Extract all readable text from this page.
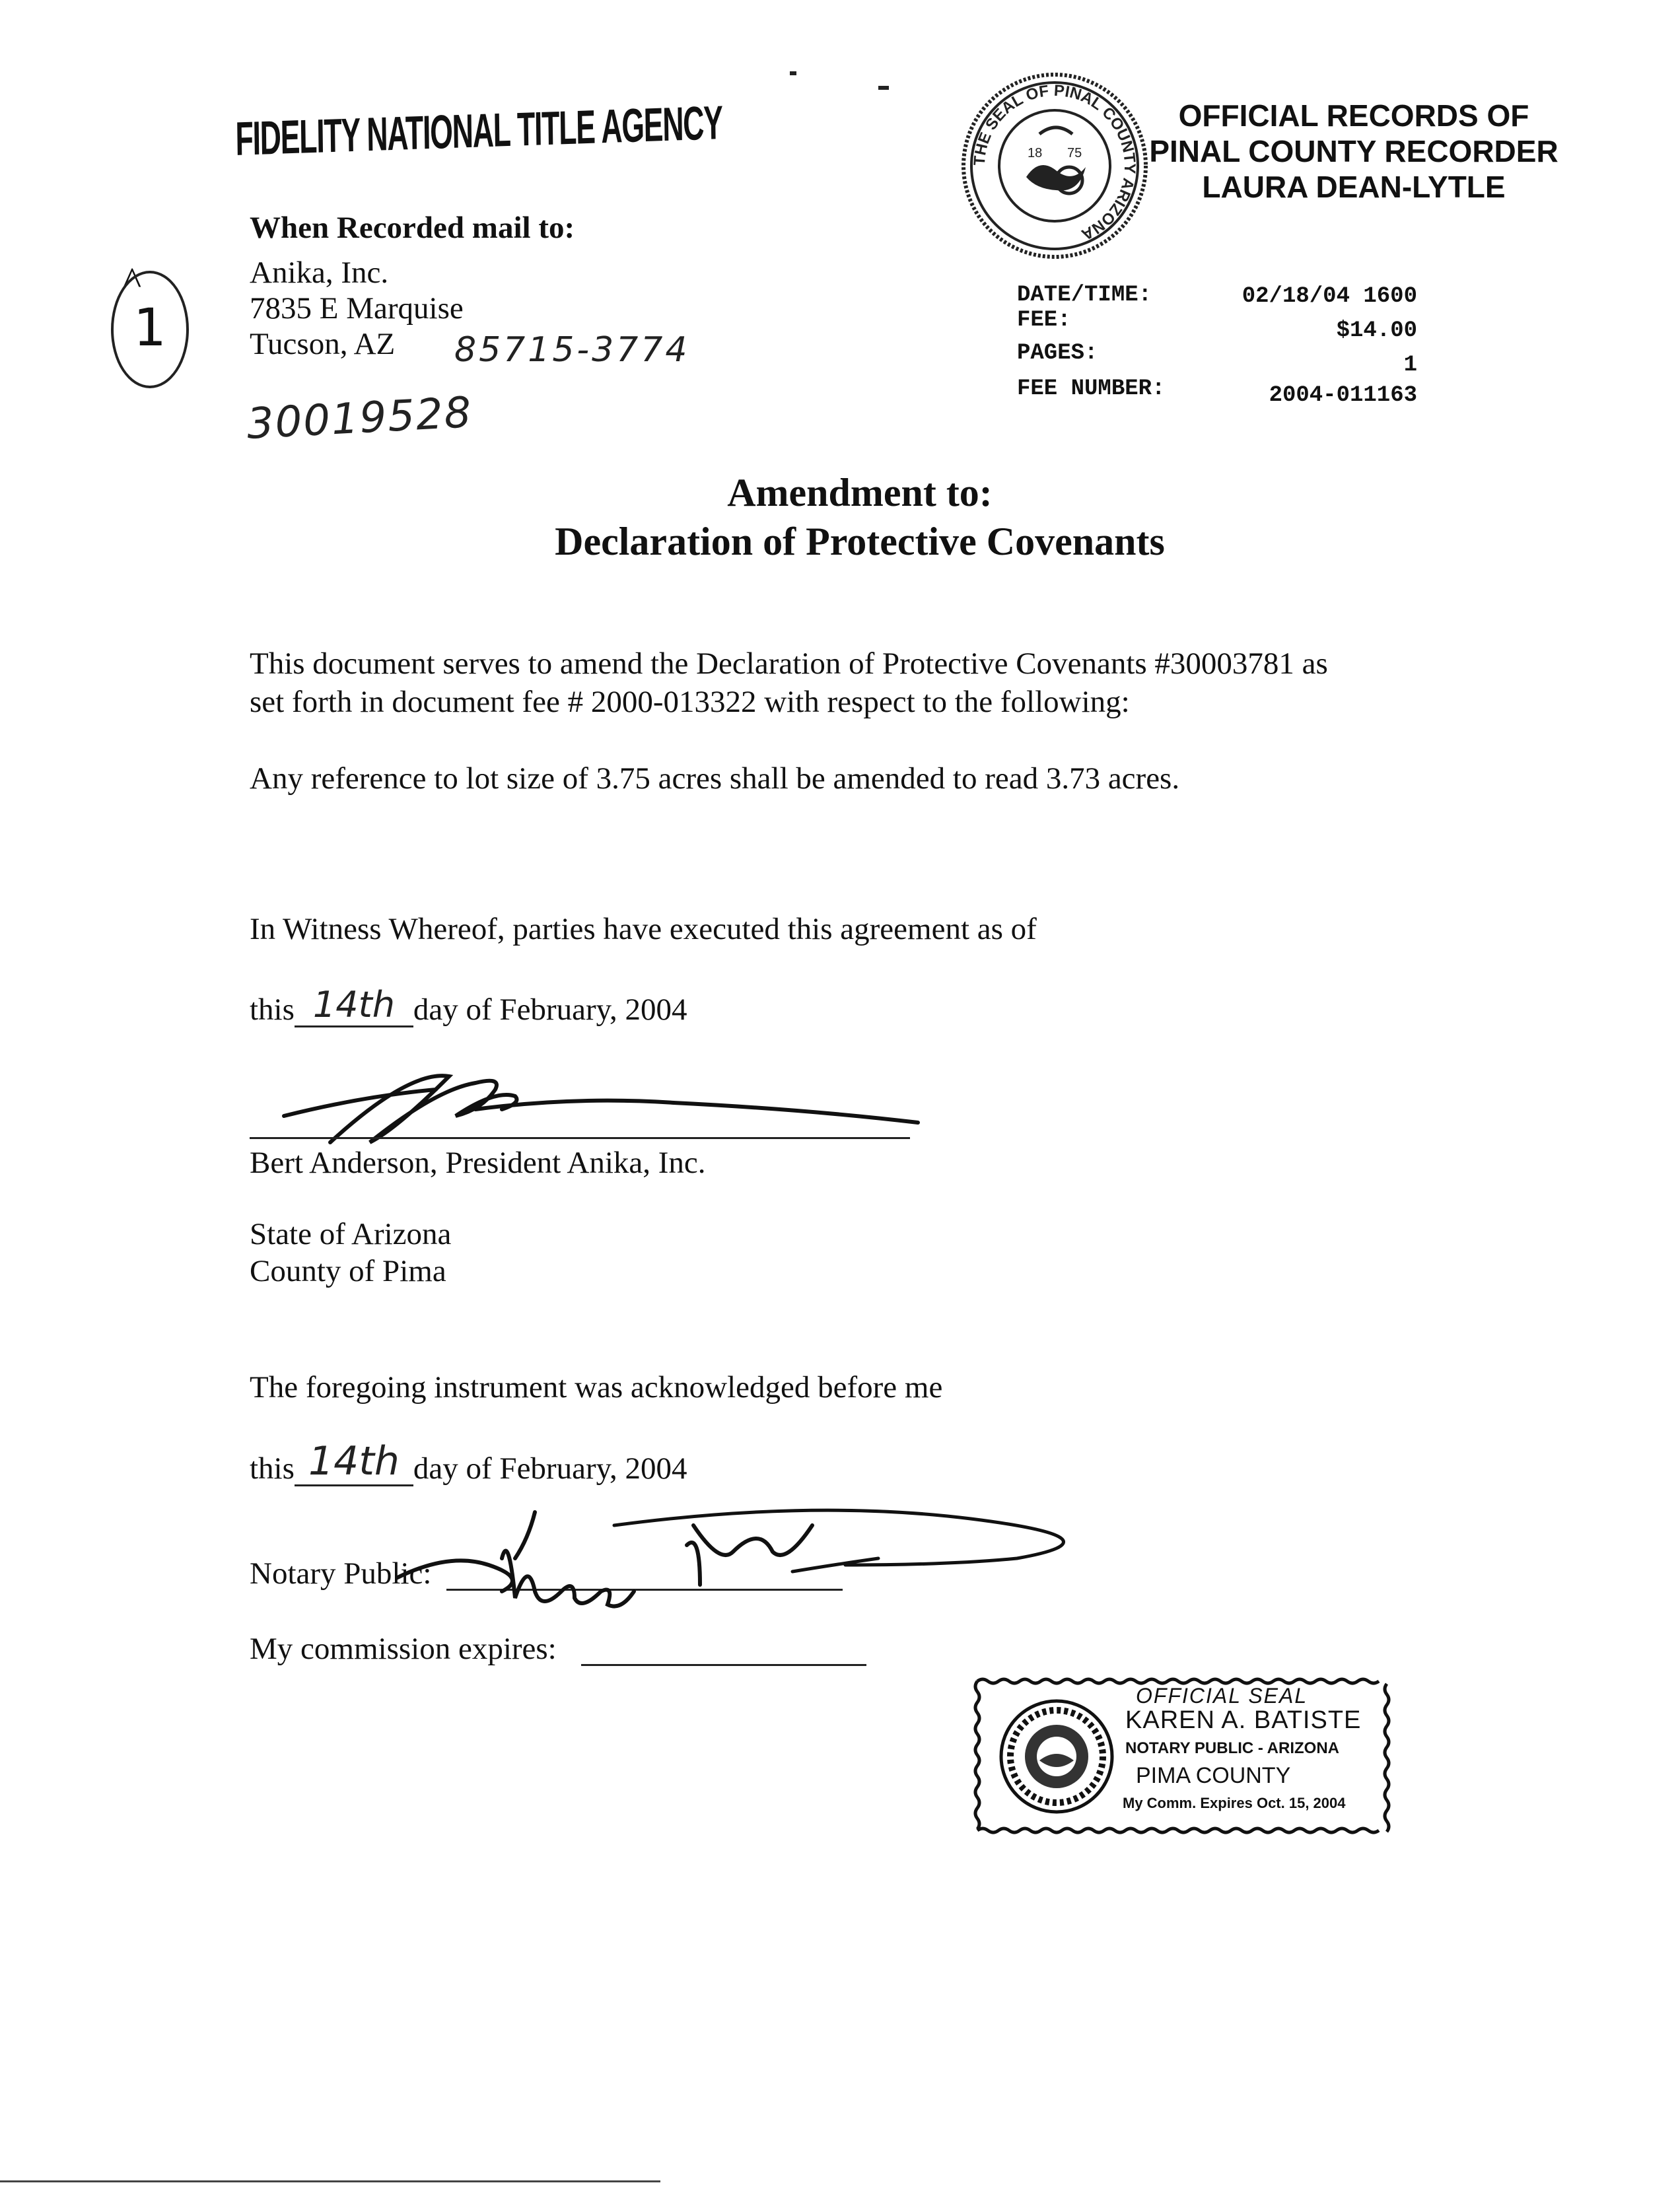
FIDELITY NATIONAL TITLE AGENCY
When Recorded mail to:
Anika, Inc.
7835 E Marquise
Tucson, AZ 85715-3774
30019528
^
1
THE SEAL OF PINAL COUNTY ARIZONA
18 75
OFFICIAL RECORDS OF
PINAL COUNTY RECORDER
LAURA DEAN-LYTLE
DATE/TIME:	02/18/04 1600
FEE:	$14.00
PAGES:	1
FEE NUMBER:	2004-011163
Amendment to:
Declaration of Protective Covenants
This document serves to amend the Declaration of Protective Covenants #30003781 as
set forth in document fee # 2000-013322 with respect to the following:
Any reference to lot size of 3.75 acres shall be amended to read 3.73 acres.
In Witness Whereof, parties have executed this agreement as of
this 14th day of February, 2004
Bert Anderson, President Anika, Inc.
State of Arizona
County of Pima
The foregoing instrument was acknowledged before me
this 14th day of February, 2004
Notary Public:
My commission expires:
OFFICIAL SEAL
KAREN A. BATISTE
NOTARY PUBLIC - ARIZONA
PIMA COUNTY
My Comm. Expires Oct. 15, 2004
